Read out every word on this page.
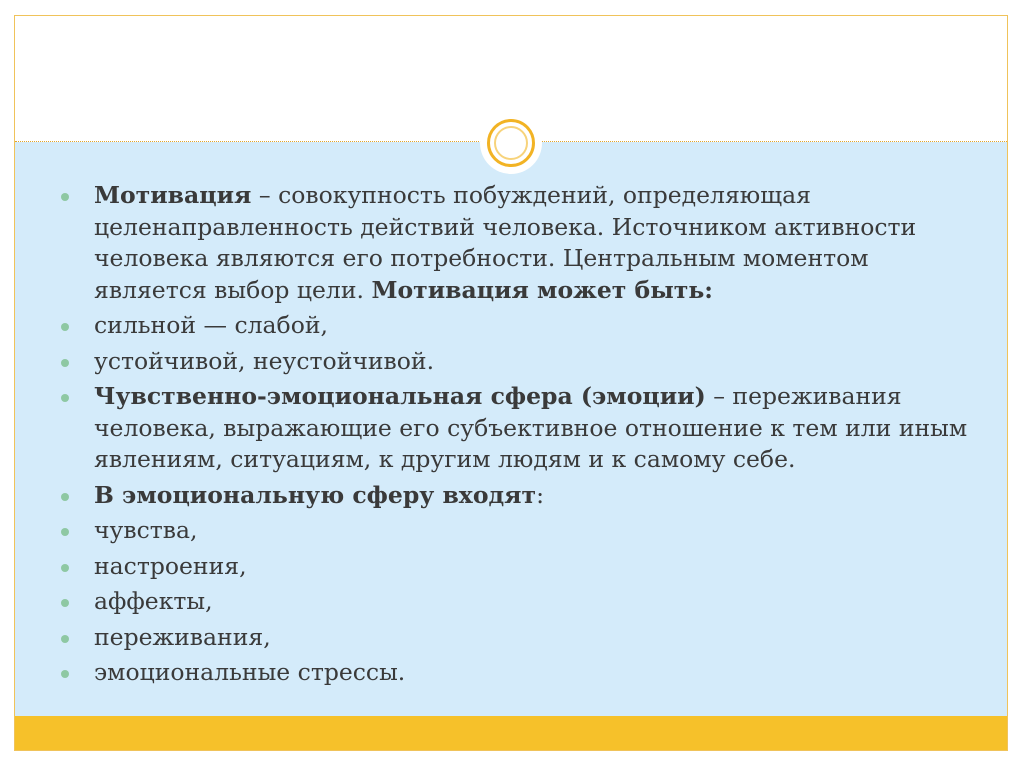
Мотивация – совокупность побуждений, определяющая целенаправленность действий человека. Источником активности человека являются его потребности. Центральным моментом является выбор цели. Мотивация может быть:
сильной — слабой,
устойчивой, неустойчивой.
Чувственно-эмоциональная сфера (эмоции) – переживания человека, выражающие его субъективное отношение к тем или иным явлениям, ситуациям, к другим людям и к самому себе.
В эмоциональную сферу входят:
чувства,
настроения,
аффекты,
переживания,
эмоциональные стрессы.
